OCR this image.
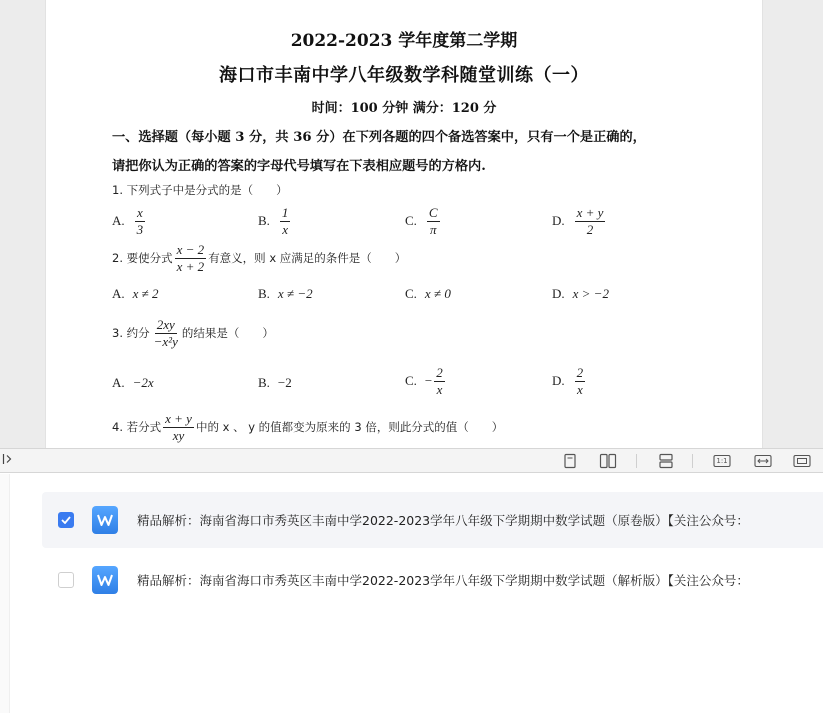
2022-2023 学年度第二学期
海口市丰南中学八年级数学科随堂训练（一）
时间：100 分钟 满分：120 分
一、选择题（每小题 3 分，共 36 分）在下列各题的四个备选答案中，只有一个是正确的，
请把你认为正确的答案的字母代号填写在下表相应题号的方格内.
1. 下列式子中是分式的是（　　）
A. $\frac{x}{3}$	B. $\frac{1}{x}$	C. $\frac{C}{\pi}$	D. $\frac{x + y}{2}$
2. 要使分式 $\frac{x - 2}{x + 2}$ 有意义，则 x 应满足的条件是（　　）
A. x ≠ 2	B. x ≠ −2	C. x ≠ 0	D. x > −2
3. 约分 $\frac{2xy}{\text{−x²y}}$ 的结果是（　　）
A. −2x	B. −2	C. − $\frac{2}{x}$	D. $\frac{2}{x}$
4. 若分式 $\frac{x + y}{xy}$ 中的 x 、 y 的值都变为原来的 3 倍，则此分式的值（　　）
1:1
精品解析：海南省海口市秀英区丰南中学2022-2023学年八年级下学期期中数学试题（原卷版）【关注公众号：
精品解析：海南省海口市秀英区丰南中学2022-2023学年八年级下学期期中数学试题（解析版）【关注公众号：
